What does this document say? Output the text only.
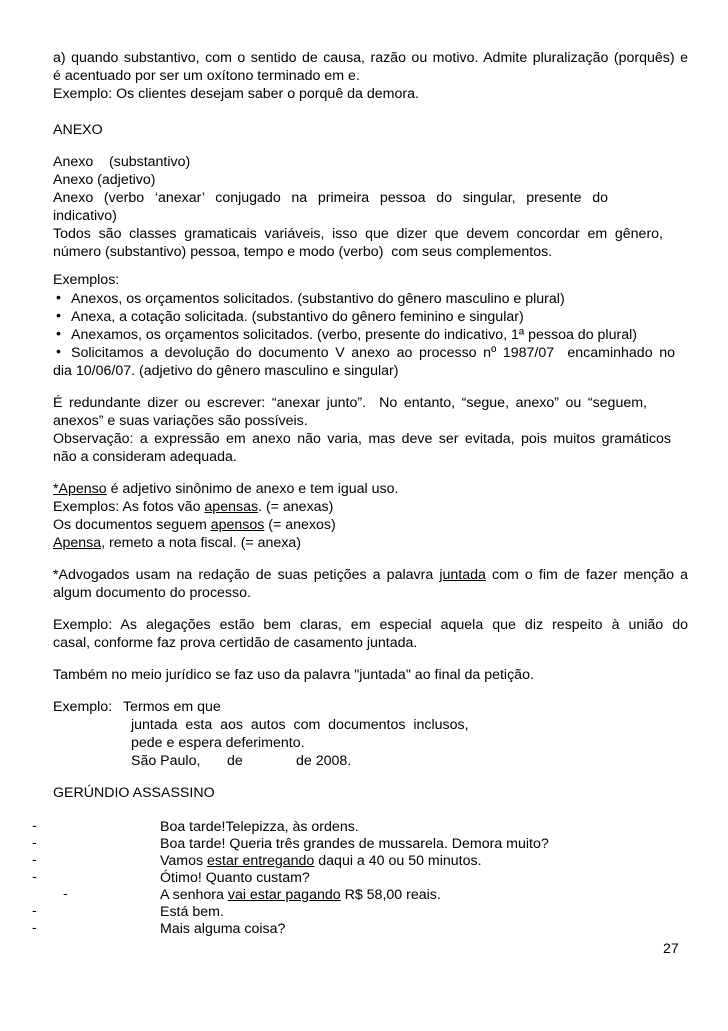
a) quando substantivo, com o sentido de causa, razão ou motivo. Admite pluralização (porquês) e
é acentuado por ser um oxítono terminado em e.
Exemplo: Os clientes desejam saber o porquê da demora.
ANEXO
Anexo    (substantivo)
Anexo (adjetivo)
Anexo (verbo ‘anexar’ conjugado na primeira pessoa do singular, presente do
indicativo)
Todos são classes gramaticais variáveis, isso que dizer que devem concordar em gênero,
número (substantivo) pessoa, tempo e modo (verbo)  com seus complementos.
Exemplos:
• Anexos, os orçamentos solicitados. (substantivo do gênero masculino e plural)
• Anexa, a cotação solicitada. (substantivo do gênero feminino e singular)
• Anexamos, os orçamentos solicitados. (verbo, presente do indicativo, 1ª pessoa do plural)
• Solicitamos a devolução do documento V anexo ao processo nº 1987/07  encaminhado no
dia 10/06/07. (adjetivo do gênero masculino e singular)
É redundante dizer ou escrever: “anexar junto”.  No entanto, “segue, anexo” ou “seguem,
anexos” e suas variações são possíveis.
Observação: a expressão em anexo não varia, mas deve ser evitada, pois muitos gramáticos
não a consideram adequada.
*Apenso é adjetivo sinônimo de anexo e tem igual uso.
Exemplos: As fotos vão apensas. (= anexas)
Os documentos seguem apensos (= anexos)
Apensa, remeto a nota fiscal. (= anexa)
*Advogados usam na redação de suas petições a palavra juntada com o fim de fazer menção a
algum documento do processo.
Exemplo: As alegações estão bem claras, em especial aquela que diz respeito à união do
casal, conforme faz prova certidão de casamento juntada.
Também no meio jurídico se faz uso da palavra "juntada" ao final da petição.
Exemplo: Termos em que
juntada  esta  aos  autos  com  documentos  inclusos,
pede e espera deferimento.
São Paulo, de	de 2008.
GERÚNDIO ASSASSINO
-	Boa tarde!Telepizza, às ordens.
-	Boa tarde! Queria três grandes de mussarela. Demora muito?
-	Vamos estar entregando daqui a 40 ou 50 minutos.
-	Ótimo! Quanto custam?
-	A senhora vai estar pagando R$ 58,00 reais.
-	Está bem.
-	Mais alguma coisa?
27
